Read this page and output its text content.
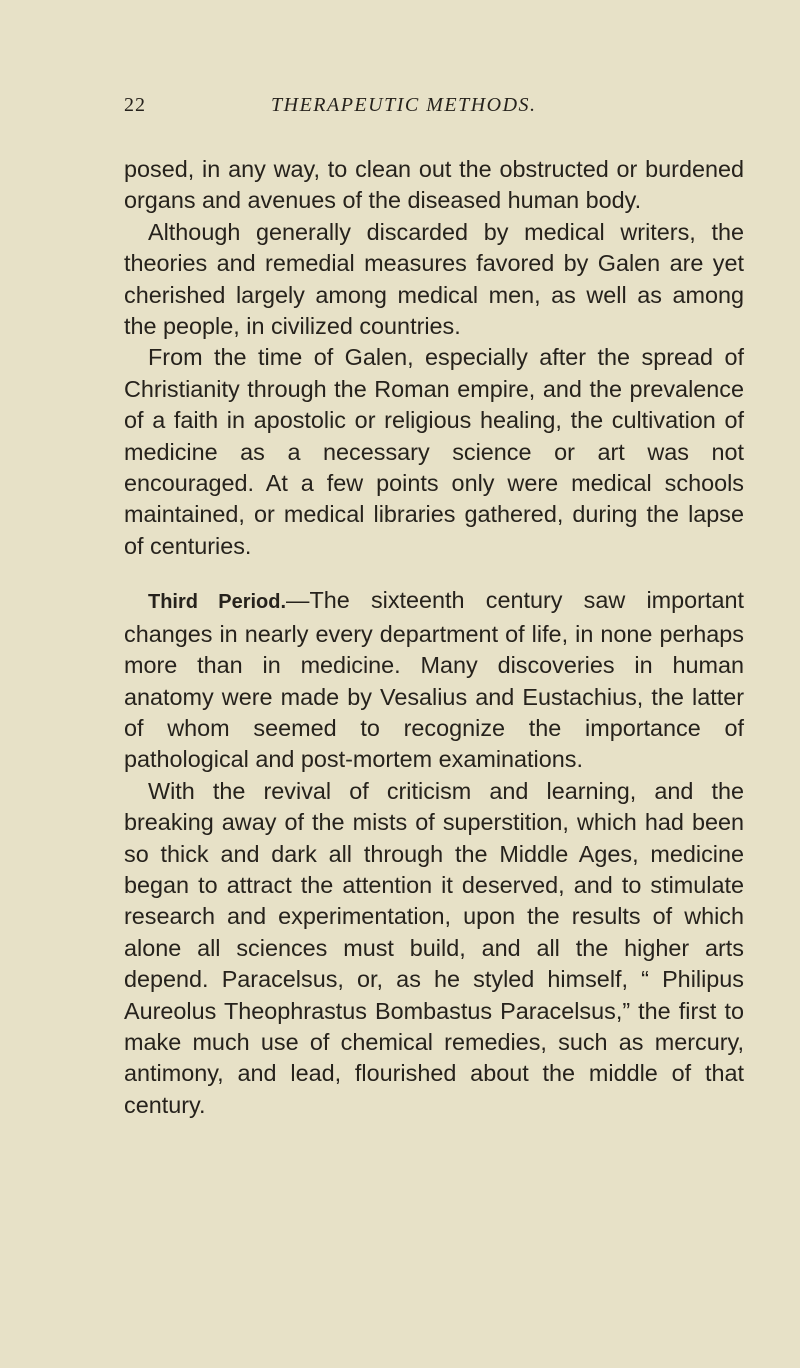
22	THERAPEUTIC METHODS.

posed, in any way, to clean out the obstructed or burdened organs and avenues of the diseased human body.

Although generally discarded by medical writers, the theories and remedial measures favored by Galen are yet cherished largely among medical men, as well as among the people, in civilized countries.

From the time of Galen, especially after the spread of Christianity through the Roman empire, and the prevalence of a faith in apostolic or religious healing, the cultivation of medicine as a necessary science or art was not encouraged. At a few points only were medical schools maintained, or medical libraries gathered, during the lapse of centuries.

Third Period.—The sixteenth century saw important changes in nearly every department of life, in none perhaps more than in medicine. Many discoveries in human anatomy were made by Vesalius and Eustachius, the latter of whom seemed to recognize the importance of pathological and post-mortem examinations.

With the revival of criticism and learning, and the breaking away of the mists of superstition, which had been so thick and dark all through the Middle Ages, medicine began to attract the attention it deserved, and to stimulate research and experimentation, upon the results of which alone all sciences must build, and all the higher arts depend. Paracelsus, or, as he styled himself, “ Philipus Aureolus Theophrastus Bombastus Paracelsus,” the first to make much use of chemical remedies, such as mercury, antimony, and lead, flourished about the middle of that century.
